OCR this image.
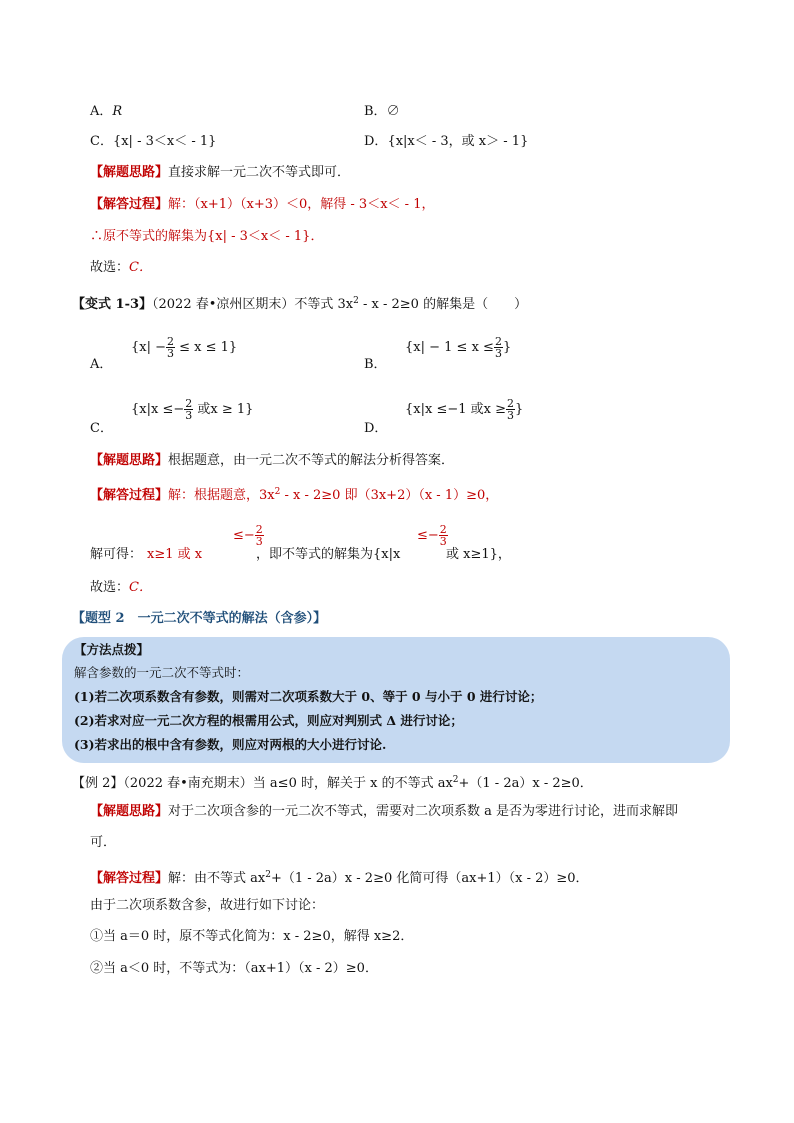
A．R	B．∅
C．{x| - 3＜x＜ - 1}	D．{x|x＜ - 3，或 x＞ - 1}
【解题思路】直接求解一元二次不等式即可．
【解答过程】解：（x+1）（x+3）＜0，解得 - 3＜x＜ - 1，
∴原不等式的解集为{x| - 3＜x＜ - 1}．
故选：C．
【变式 1-3】（2022 春•凉州区期末）不等式 $3x^2 - x - 2\ge 0$ 的解集是（　　）
A．
$\{x| - \frac{2}{3} \le x \le 1\}$
B．
{$x| - 1 \le x \le \frac{2}{3}$ }
C．
{$x|x \le- \frac{2}{3}$ 或x ≥ 1}
D．
{x|x ≤−1 或$x \ge \frac{2}{3}$ }
【解题思路】根据题意，由一元二次不等式的解法分析得答案．
【解答过程】解：根据题意，$3x^2 - x - 2\ge 0$ 即（3x+2）（x - 1）≥0，
解可得： x≥1 或 x
≤− $\frac{2}{3}$
，即不等式的解集为{x|x
≤− $\frac{2}{3}$
或 x≥1}，
故选：C．
【题型 2　一元二次不等式的解法（含参）】
【方法点拨】
解含参数的一元二次不等式时：
(1)若二次项系数含有参数，则需对二次项系数大于 0、等于 0 与小于 0 进行讨论；
(2)若求对应一元二次方程的根需用公式，则应对判别式 Δ 进行讨论；
(3)若求出的根中含有参数，则应对两根的大小进行讨论.
【例 2】（2022 春•南充期末）当 a≤0 时，解关于 x 的不等式 $ax^2+(1 - 2a)x - 2\ge 0$．
【解题思路】对于二次项含参的一元二次不等式，需要对二次项系数 a 是否为零进行讨论，进而求解即
可．
【解答过程】解：由不等式 $ax^2+(1 - 2a)x - 2\ge 0$ 化简可得（ax+1）（x - 2）≥0．
由于二次项系数含参，故进行如下讨论：
①当 a＝0 时，原不等式化简为：x - 2≥0，解得 x≥2．
②当 a＜0 时，不等式为：（ax+1）（x - 2）≥0．
